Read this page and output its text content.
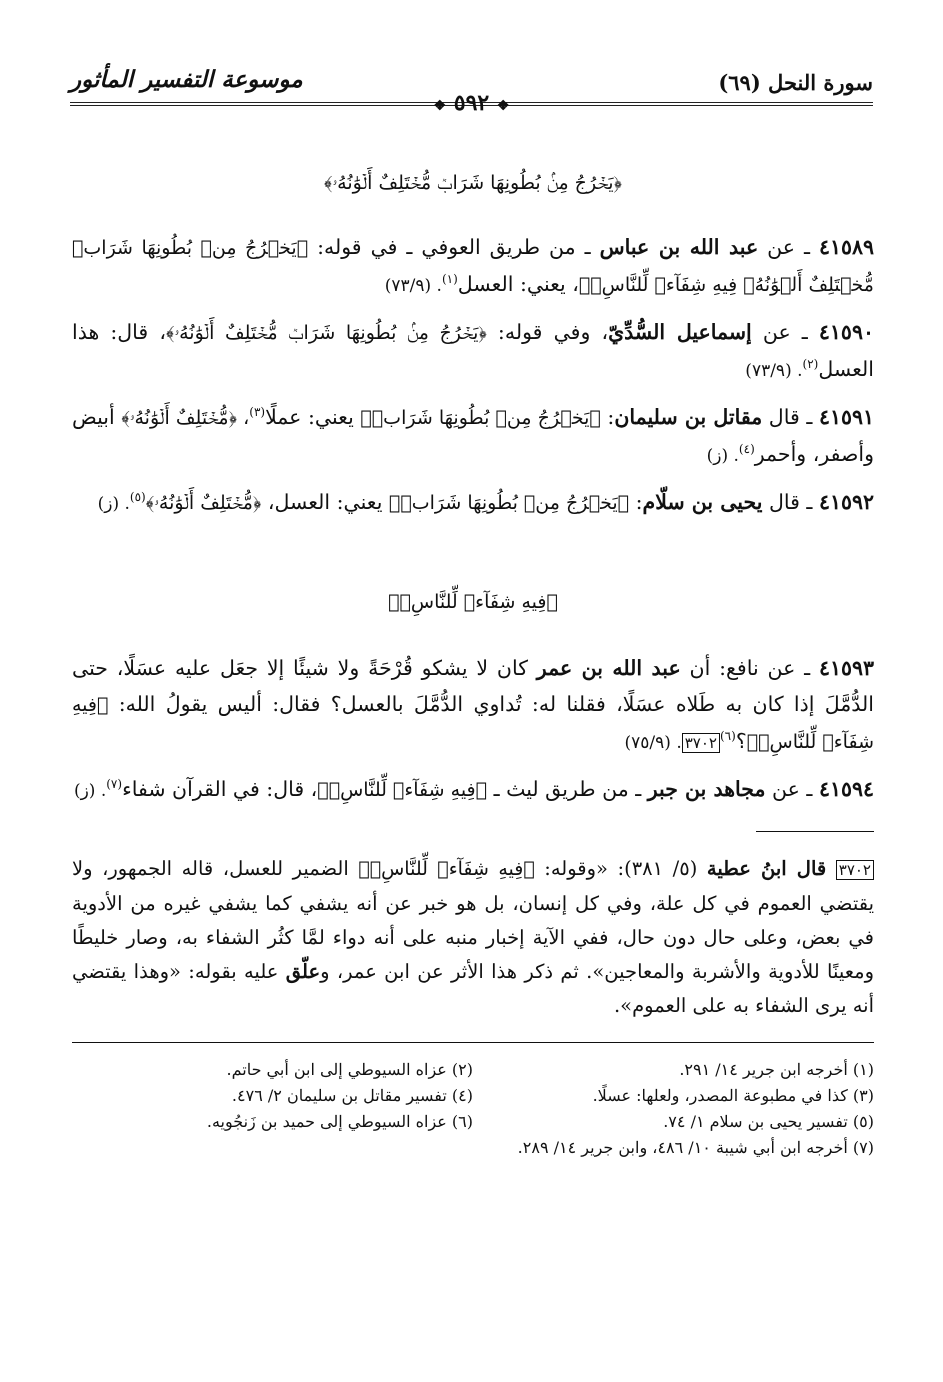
سورة النحل (٦٩)
موسوعة التفسير المأثور
❖ ٥٩٢ ❖
﴿يَخۡرُجُ مِنۢ بُطُونِهَا شَرَابٞ مُّخۡتَلِفٌ أَلۡوَٰنُهُۥ﴾

٤١٥٨٩ ـ عن عبد الله بن عباس ـ من طريق العوفي ـ في قوله: ﴿يَخۡرُجُ مِنۢ بُطُونِهَا شَرَابٞ مُّخۡتَلِفٌ أَلۡوَٰنُهُۥ فِيهِ شِفَآءٞ لِّلنَّاسِۗ﴾، يعني: العسل$^{(١)}$. (٧٣/٩)

٤١٥٩٠ ـ عن إسماعيل السُّدِّيّ، وفي قوله: ﴿يَخۡرُجُ مِنۢ بُطُونِهَا شَرَابٞ مُّخۡتَلِفٌ أَلۡوَٰنُهُۥ﴾، قال: هذا العسل$^{(٢)}$. (٧٣/٩)

٤١٥٩١ ـ قال مقاتل بن سليمان: ﴿يَخۡرُجُ مِنۢ بُطُونِهَا شَرَابٞ﴾ يعني: عملًا$^{(٣)}$، ﴿مُّخۡتَلِفٌ أَلۡوَٰنُهُۥ﴾ أبيض وأصفر، وأحمر$^{(٤)}$. (ز)

٤١٥٩٢ ـ قال يحيى بن سلّام: ﴿يَخۡرُجُ مِنۢ بُطُونِهَا شَرَابٞ﴾ يعني: العسل، ﴿مُّخۡتَلِفٌ أَلۡوَٰنُهُۥ﴾$^{(٥)}$. (ز)

﴿فِيهِ شِفَآءٞ لِّلنَّاسِۗ﴾

٤١٥٩٣ ـ عن نافع: أن عبد الله بن عمر كان لا يشكو قُرْحَةً ولا شيئًا إلا جعَل عليه عسَلًا، حتى الدُّمَّلَ إذا كان به طَلاه عسَلًا، فقلنا له: تُداوي الدُّمَّلَ بالعسل؟ فقال: أليس يقولُ الله: ﴿فِيهِ شِفَآءٞ لِّلنَّاسِۗ﴾؟$^{(٦)}$٣٧٠٢. (٧٥/٩)

٤١٥٩٤ ـ عن مجاهد بن جبر ـ من طريق ليث ـ ﴿فِيهِ شِفَآءٞ لِّلنَّاسِۗ﴾، قال: في القرآن شفاء$^{(٧)}$. (ز)

٣٧٠٢ قال ابنُ عطية (٥/ ٣٨١): «وقوله: ﴿فِيهِ شِفَآءٞ لِّلنَّاسِۗ﴾ الضمير للعسل، قاله الجمهور، ولا يقتضي العموم في كل علة، وفي كل إنسان، بل هو خبر عن أنه يشفي كما يشفي غيره من الأدوية في بعض، وعلى حال دون حال، ففي الآية إخبار منبه على أنه دواء لمَّا كثُر الشفاء به، وصار خليطًا ومعينًا للأدوية والأشربة والمعاجين». ثم ذكر هذا الأثر عن ابن عمر، وعلّق عليه بقوله: «وهذا يقتضي أنه يرى الشفاء به على العموم».

(١) أخرجه ابن جرير ١٤/ ٢٩١.
(٢) عزاه السيوطي إلى ابن أبي حاتم.
(٣) كذا في مطبوعة المصدر، ولعلها: عسلًا.
(٤) تفسير مقاتل بن سليمان ٢/ ٤٧٦.
(٥) تفسير يحيى بن سلام ١/ ٧٤.
(٦) عزاه السيوطي إلى حميد بن زَنجُويه.
(٧) أخرجه ابن أبي شيبة ١٠/ ٤٨٦، وابن جرير ١٤/ ٢٨٩.
